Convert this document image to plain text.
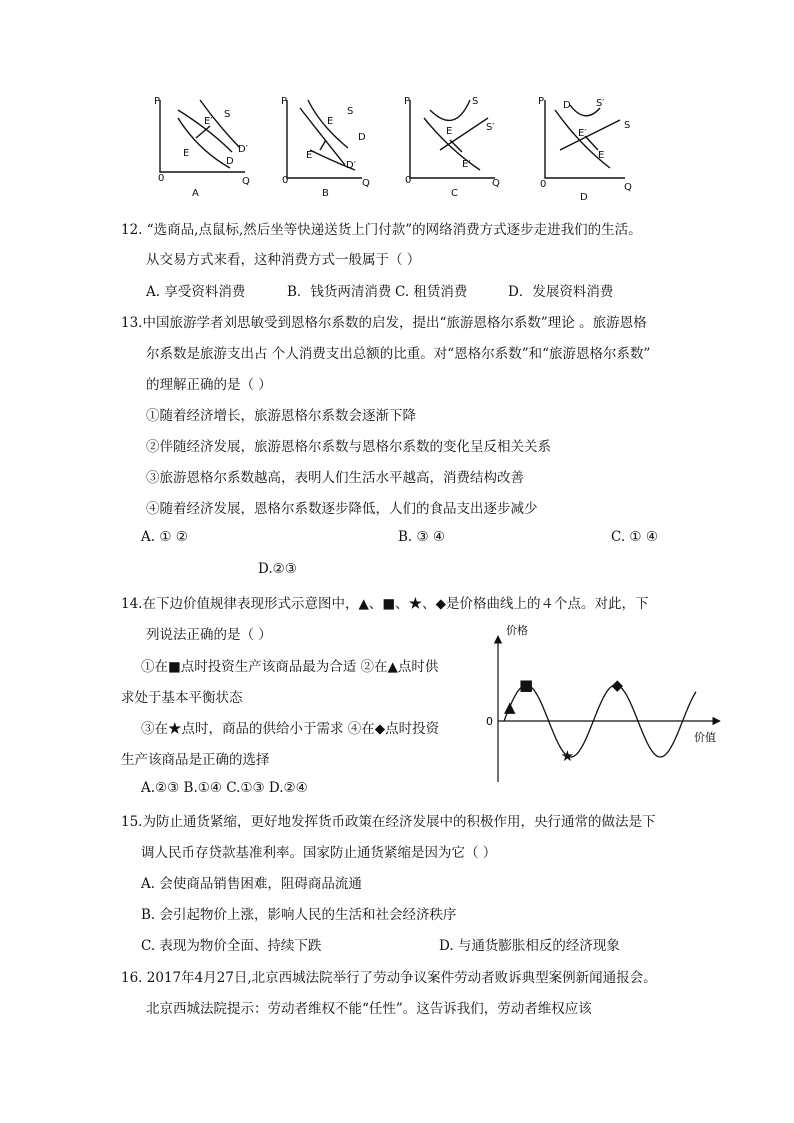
P
0	Q
S
E′
E	D′
D
A
P
0	Q
S
E
D
E′
D′
B
P
0	Q
S
S′
E
E′
C
P
0	Q
D	S′
S
E′
E
D
12. “选商品,点鼠标,然后坐等快递送货上门付款”的网络消费方式逐步走进我们的生活。
从交易方式来看，这种消费方式一般属于（ ）
A. 享受资料消费	B．钱货两清消费 C. 租赁消费	D．发展资料消费
13.中国旅游学者刘思敏受到恩格尔系数的启发，提出“旅游恩格尔系数”理论 。旅游恩格
尔系数是旅游支出占 个人消费支出总额的比重。对“恩格尔系数”和“旅游恩格尔系数”
的理解正确的是（ ）
①随着经济增长，旅游恩格尔系数会逐渐下降
②伴随经济发展，旅游恩格尔系数与恩格尔系数的变化呈反相关关系
③旅游恩格尔系数越高，表明人们生活水平越高，消费结构改善
④随着经济发展，恩格尔系数逐步降低，人们的食品支出逐步减少
A. ① ②	B. ③ ④	C. ① ④
D.②③
14.在下边价值规律表现形式示意图中，▲、■、★、◆是价格曲线上的４个点。对此，下
列说法正确的是（ ）
①在■点时投资生产该商品最为合适 ②在▲点时供
求处于基本平衡状态
③在★点时，商品的供给小于需求 ④在◆点时投资
生产该商品是正确的选择
A.②③ B.①④ C.①③ D.②④
价格
0
价值
▲
■
★
◆
15.为防止通货紧缩，更好地发挥货币政策在经济发展中的积极作用，央行通常的做法是下
调人民币存贷款基准利率。国家防止通货紧缩是因为它（ ）
A. 会使商品销售困难，阻碍商品流通
B. 会引起物价上涨，影响人民的生活和社会经济秩序
C. 表现为物价全面、持续下跌	D. 与通货膨胀相反的经济现象
16. 2017年4月27日,北京西城法院举行了劳动争议案件劳动者败诉典型案例新闻通报会。
北京西城法院提示：劳动者维权不能“任性”。这告诉我们，劳动者维权应该
